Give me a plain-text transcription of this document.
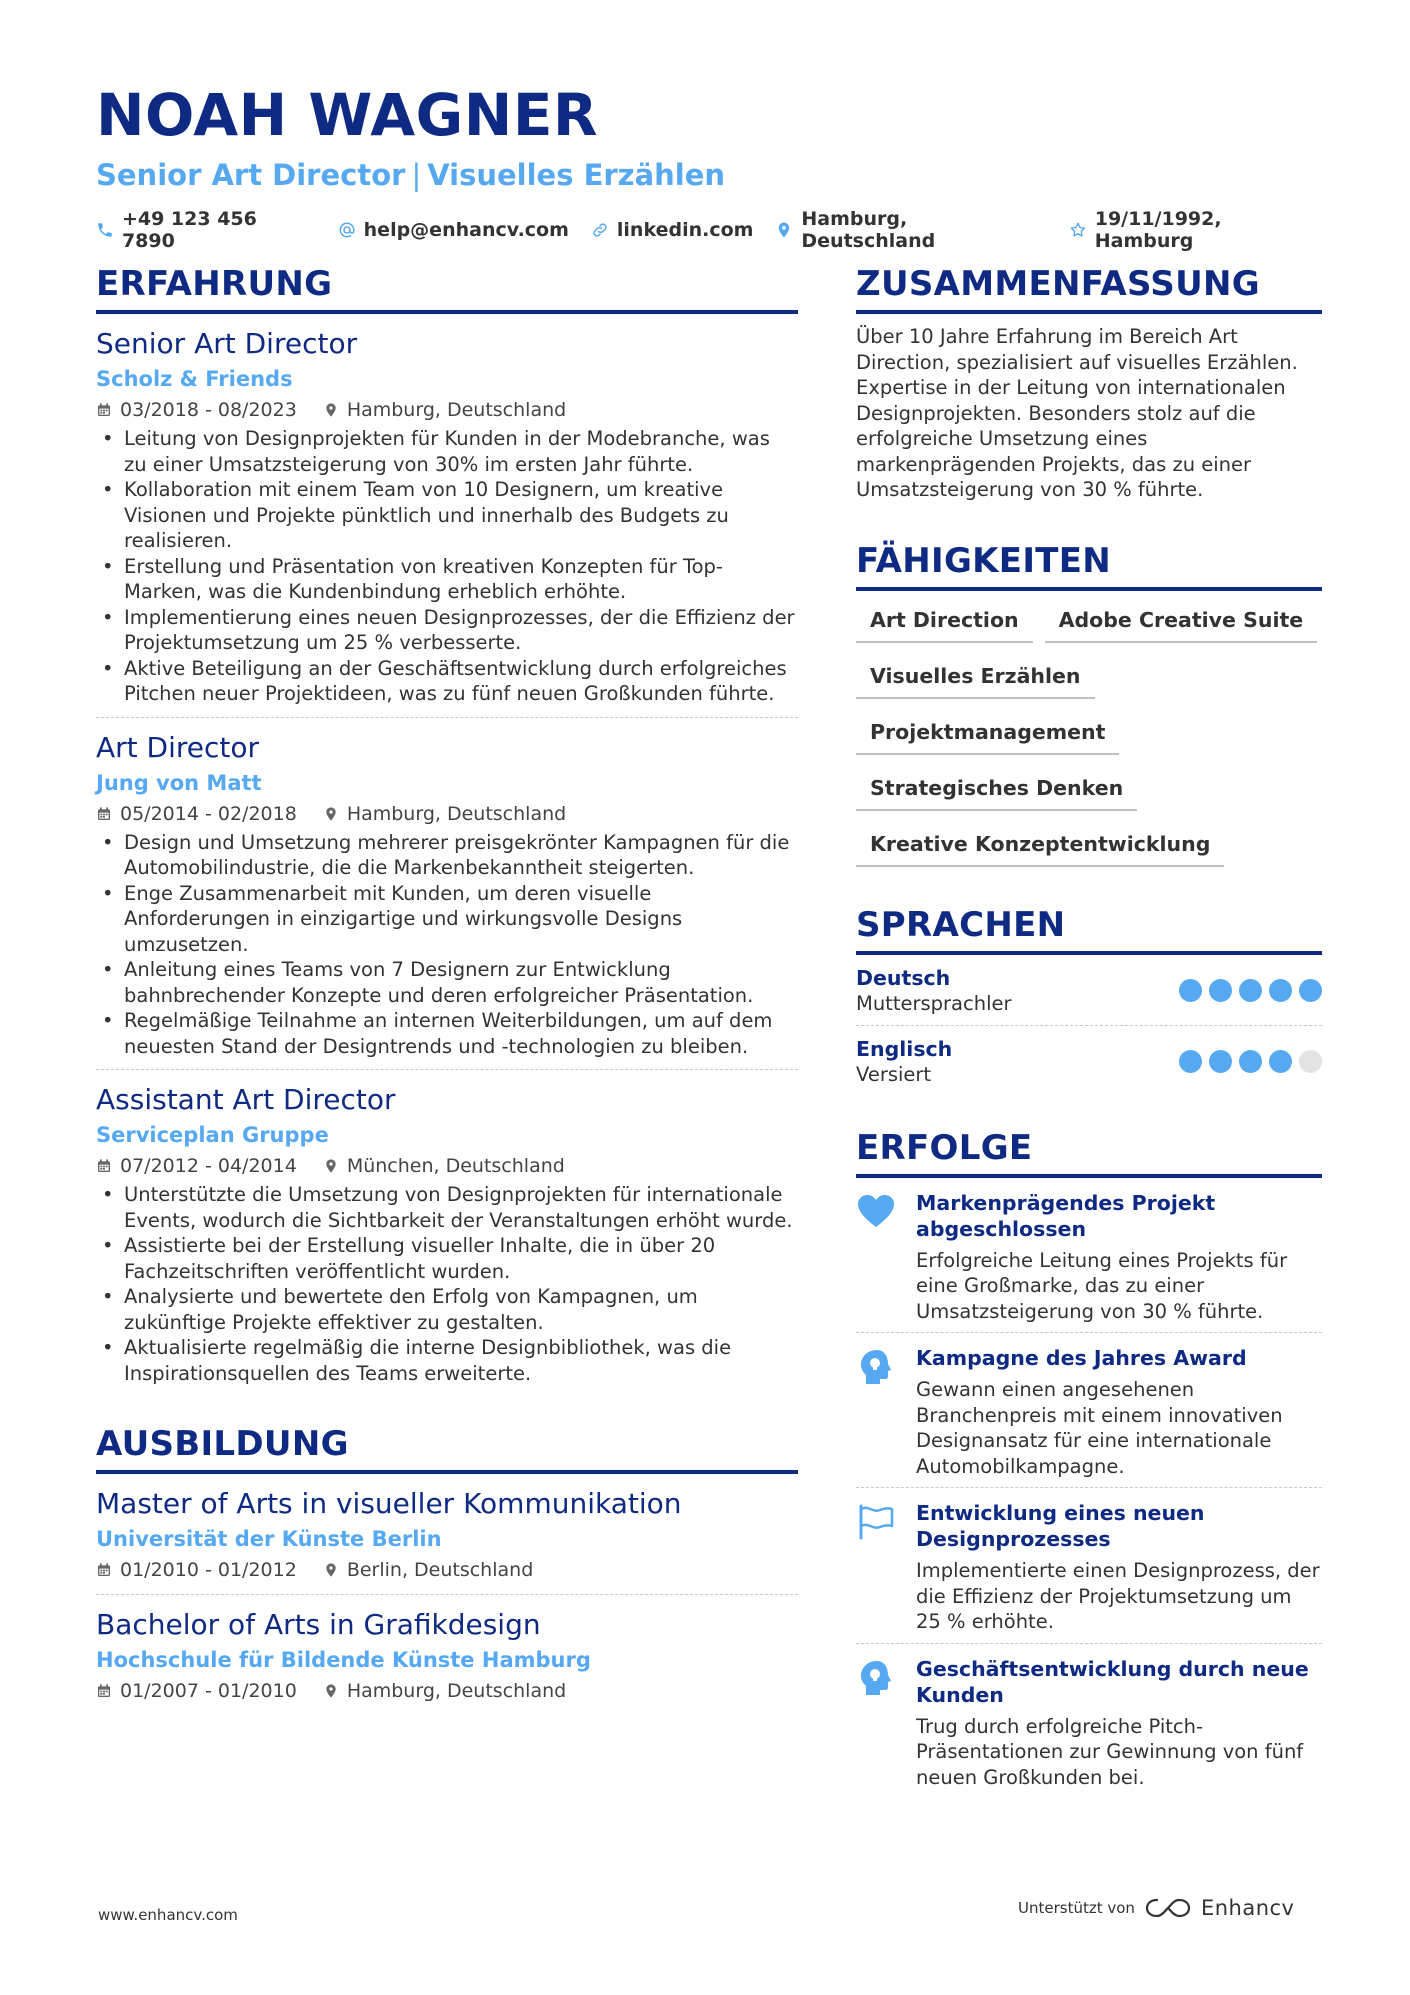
NOAH WAGNER
Senior Art Director | Visuelles Erzählen
+49 123 456 7890	help@enhancv.com	linkedin.com	Hamburg, Deutschland
19/11/1992, Hamburg
ERFAHRUNG
Senior Art Director
Scholz & Friends
03/2018 - 08/2023	Hamburg, Deutschland
• Leitung von Designprojekten für Kunden in der Modebranche, was zu einer Umsatzsteigerung von 30% im ersten Jahr führte.
• Kollaboration mit einem Team von 10 Designern, um kreative Visionen und Projekte pünktlich und innerhalb des Budgets zu realisieren.
• Erstellung und Präsentation von kreativen Konzepten für Top-Marken, was die Kundenbindung erheblich erhöhte.
• Implementierung eines neuen Designprozesses, der die Effizienz der Projektumsetzung um 25 % verbesserte.
• Aktive Beteiligung an der Geschäftsentwicklung durch erfolgreiches Pitchen neuer Projektideen, was zu fünf neuen Großkunden führte.
Art Director
Jung von Matt
05/2014 - 02/2018	Hamburg, Deutschland
• Design und Umsetzung mehrerer preisgekrönter Kampagnen für die Automobilindustrie, die die Markenbekanntheit steigerten.
• Enge Zusammenarbeit mit Kunden, um deren visuelle Anforderungen in einzigartige und wirkungsvolle Designs umzusetzen.
• Anleitung eines Teams von 7 Designern zur Entwicklung bahnbrechender Konzepte und deren erfolgreicher Präsentation.
• Regelmäßige Teilnahme an internen Weiterbildungen, um auf dem neuesten Stand der Designtrends und -technologien zu bleiben.
Assistant Art Director
Serviceplan Gruppe
07/2012 - 04/2014	München, Deutschland
• Unterstützte die Umsetzung von Designprojekten für internationale Events, wodurch die Sichtbarkeit der Veranstaltungen erhöht wurde.
• Assistierte bei der Erstellung visueller Inhalte, die in über 20 Fachzeitschriften veröffentlicht wurden.
• Analysierte und bewertete den Erfolg von Kampagnen, um zukünftige Projekte effektiver zu gestalten.
• Aktualisierte regelmäßig die interne Designbibliothek, was die Inspirationsquellen des Teams erweiterte.
AUSBILDUNG
Master of Arts in visueller Kommunikation
Universität der Künste Berlin
01/2010 - 01/2012	Berlin, Deutschland
Bachelor of Arts in Grafikdesign
Hochschule für Bildende Künste Hamburg
01/2007 - 01/2010	Hamburg, Deutschland
ZUSAMMENFASSUNG
Über 10 Jahre Erfahrung im Bereich Art Direction, spezialisiert auf visuelles Erzählen. Expertise in der Leitung von internationalen Designprojekten. Besonders stolz auf die erfolgreiche Umsetzung eines markenprägenden Projekts, das zu einer Umsatzsteigerung von 30 % führte.
FÄHIGKEITEN
Art Direction	Adobe Creative Suite
Visuelles Erzählen
Projektmanagement
Strategisches Denken
Kreative Konzeptentwicklung
SPRACHEN
Deutsch
Muttersprachler
Englisch
Versiert
ERFOLGE
Markenprägendes Projekt abgeschlossen
Erfolgreiche Leitung eines Projekts für eine Großmarke, das zu einer Umsatzsteigerung von 30 % führte.
Kampagne des Jahres Award
Gewann einen angesehenen Branchenpreis mit einem innovativen Designansatz für eine internationale Automobilkampagne.
Entwicklung eines neuen Designprozesses
Implementierte einen Designprozess, der die Effizienz der Projektumsetzung um 25 % erhöhte.
Geschäftsentwicklung durch neue Kunden
Trug durch erfolgreiche Pitch-Präsentationen zur Gewinnung von fünf neuen Großkunden bei.
www.enhancv.com	Unterstützt von	Enhancv
